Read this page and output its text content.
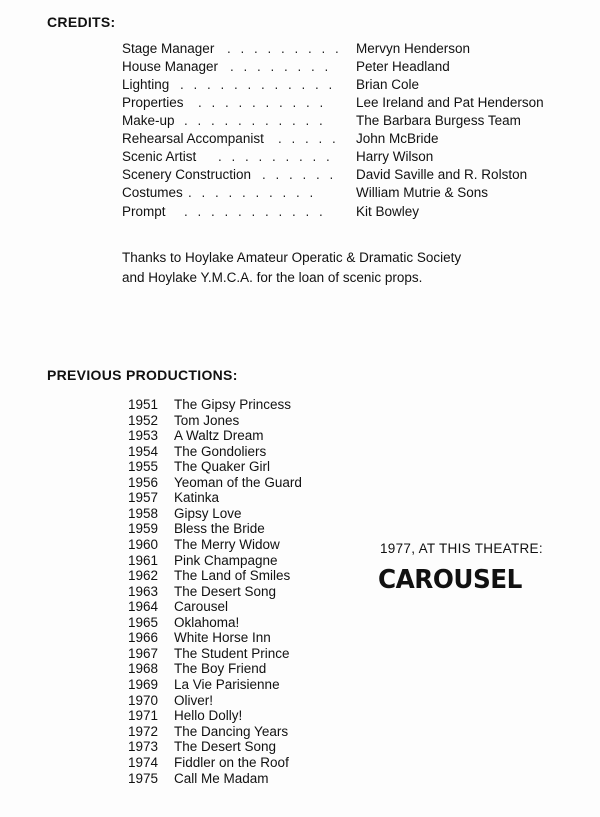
CREDITS:
Stage Manager . . . . . . . . . Mervyn Henderson
House Manager . . . . . . . . Peter Headland
Lighting . . . . . . . . . . . . Brian Cole
Properties . . . . . . . . . . Lee Ireland and Pat Henderson
Make-up . . . . . . . . . . . The Barbara Burgess Team
Rehearsal Accompanist . . . . . John McBride
Scenic Artist . . . . . . . . . Harry Wilson
Scenery Construction . . . . . . David Saville and R. Rolston
Costumes . . . . . . . . . .	William Mutrie & Sons
Prompt . . . . . . . . . . . Kit Bowley
Thanks to Hoylake Amateur Operatic & Dramatic Society
and Hoylake Y.M.C.A. for the loan of scenic props.
PREVIOUS PRODUCTIONS:
1951 The Gipsy Princess
1952 Tom Jones
1953 A Waltz Dream
1954 The Gondoliers
1955 The Quaker Girl
1956 Yeoman of the Guard
1957 Katinka
1958 Gipsy Love
1959 Bless the Bride
1960 The Merry Widow
1961 Pink Champagne
1962 The Land of Smiles
1963 The Desert Song
1964 Carousel
1965 Oklahoma!
1966 White Horse Inn
1967 The Student Prince
1968 The Boy Friend
1969 La Vie Parisienne
1970 Oliver!
1971 Hello Dolly!
1972 The Dancing Years
1973 The Desert Song
1974 Fiddler on the Roof
1975 Call Me Madam
1977, AT THIS THEATRE:
CAROUSEL
